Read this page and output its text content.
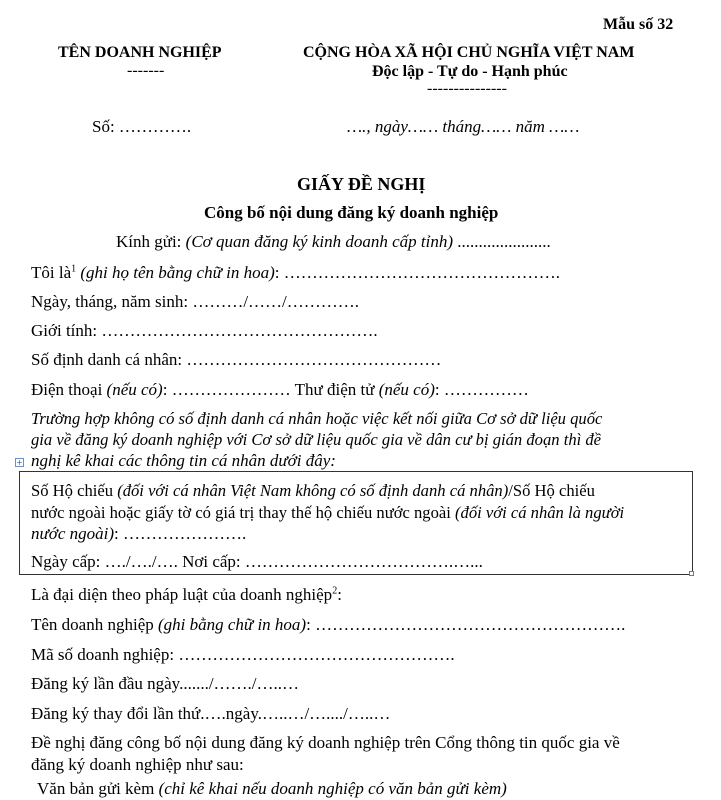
Mẫu số 32
TÊN DOANH NGHIỆP
-------
CỘNG HÒA XÃ HỘI CHỦ NGHĨA VIỆT NAM
Độc lập - Tự do - Hạnh phúc
---------------
Số: ………….	…., ngày…… tháng…… năm ……
GIẤY ĐỀ NGHỊ
Công bố nội dung đăng ký doanh nghiệp
Kính gửi: (Cơ quan đăng ký kinh doanh cấp tỉnh) ......................
Tôi $là^1$ (ghi họ tên bằng chữ in hoa): ………………………………………….
Ngày, tháng, năm sinh: ………/……/………….
Giới tính: ………………………………………….
Số định danh cá nhân: ………………………………………
Điện thoại (nếu có): ………………… Thư điện tử (nếu có): ……………
Trường hợp không có số định danh cá nhân hoặc việc kết nối giữa Cơ sở dữ liệu quốc
gia về đăng ký doanh nghiệp với Cơ sở dữ liệu quốc gia về dân cư bị gián đoạn thì đề
nghị kê khai các thông tin cá nhân dưới đây:
+
Số Hộ chiếu (đối với cá nhân Việt Nam không có số định danh cá nhân)/Số Hộ chiếu
nước ngoài hoặc giấy tờ có giá trị thay thế hộ chiếu nước ngoài (đối với cá nhân là người
nước ngoài): ………………….
Ngày cấp: …./…./…. Nơi cấp: ……………………………….…...
Là đại diện theo pháp luật của doanh nghiệp$^2$:
Tên doanh nghiệp (ghi bằng chữ in hoa): ……………………………………………….
Mã số doanh nghiệp: ………………………………………….
Đăng ký lần đầu ngày......./……./…..…
Đăng ký thay đổi lần thứ.….ngày.…..…/…..../…..…
Đề nghị đăng công bố nội dung đăng ký doanh nghiệp trên Cổng thông tin quốc gia về
đăng ký doanh nghiệp như sau:
Văn bản gửi kèm (chỉ kê khai nếu doanh nghiệp có văn bản gửi kèm)
